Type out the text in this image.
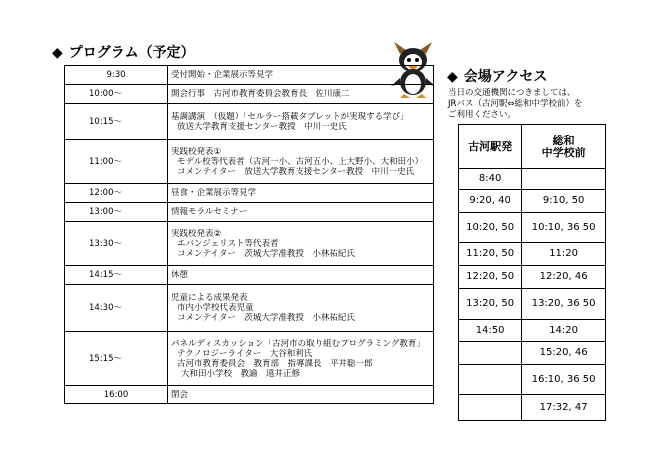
◆ プログラム（予定）
9:30	受付開始・企業展示等見学

10:00～	開会行事　古河市教育委員会教育長　佐川康二

10:15～	基調講演　（仮題）「セルラー搭載タブレットが実現する学び」
放送大学教育支援センター教授　中川一史氏

11:00～	実践校発表①
モデル校等代表者（古河一小、古河五小、上大野小、大和田小）
コメンテイター　放送大学教育支援センター教授　中川一史氏

12:00～	昼食・企業展示等見学

13:00～	情報モラルセミナー

13:30～	実践校発表②
エバンジェリスト等代表者
コメンテイター　茨城大学准教授　小林祐紀氏

14:15～	休憩

14:30～	児童による成果発表
市内小学校代表児童
コメンテイター　茨城大学准教授　小林祐紀氏

15:15～	パネルディスカッション「古河市の取り組むプログラミング教育」
テクノロジーライター　大谷和利氏
古河市教育委員会　教育部　指導課長　平井聡一郎
大和田小学校　教諭　遠井正修

16:00	閉会
◆ 会場アクセス
当日の交通機関につきましては、
JRバス（古河駅⇔総和中学校前）を
ご利用ください。
古河駅発	総和
中学校前

8:40	
9:20, 40	9:10, 50
10:20, 50	10:10, 36 50
11:20, 50	11:20
12:20, 50	12:20, 46
13:20, 50	13:20, 36 50
14:50	14:20
	15:20, 46
	16:10, 36 50
	17:32, 47
